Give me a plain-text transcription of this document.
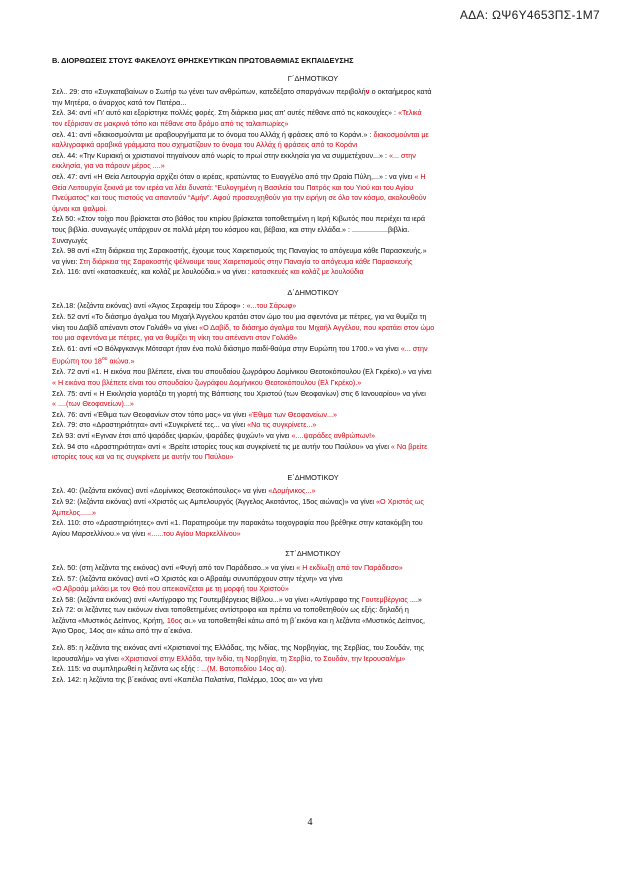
ΑΔΑ: ΩΨ6Υ4653ΠΣ-1Μ7
Β. ΔΙΟΡΘΩΣΕΙΣ ΣΤΟΥΣ ΦΑΚΕΛΟΥΣ ΘΡΗΣΚΕΥΤΙΚΩΝ ΠΡΩΤΟΒΑΘΜΙΑΣ ΕΚΠΑΙΔΕΥΣΗΣ
Γ΄ΔΗΜΟΤΙΚΟΥ
Σελ.. 29: στο «Συγκαταβαίνων ο Σωτήρ τω γένει των ανθρώπων, κατεδέξατο σπαργάνων περιβολήν ο οκταήμερος κατά
την Μητέρα, ο άναρχος κατά τον Πατέρα...
Σελ. 34: αντί «Γι’ αυτό και εξορίστηκε πολλές φορές. Στη διάρκεια μιας απ’ αυτές πέθανε από τις κακουχίες» : «Τελικά
τον εξόρισαν σε μακρινό τόπο και πέθανε στο δρόμο από τις ταλαιπωρίες»
σελ. 41: αντί «διακοσμούνται με αραβουργήματα με το όνομα του Αλλάχ ή φράσεις από το Κοράνι.» : διακοσμούνται με
καλλιγραφικά αραβικά γράμματα που σχηματίζουν το όνομα του Αλλάχ ή φράσεις από το Κοράνι
σελ. 44: «Την Κυριακή οι χριστιανοί πηγαίνουν από νωρίς το πρωί στην εκκλησία για να συμμετέχουν...» : «... στην
εκκλησία, για να πάρουν μέρος ....»
σελ. 47: αντί «Η Θεία Λειτουργία αρχίζει όταν ο ιερέας, κρατώντας το Ευαγγέλιο από την Ωραία Πύλη,...» : να γίνει « Η
Θεία Λειτουργία ξεκινά με τον ιερέα να λέει δυνατά: “Ευλογημένη η Βασιλεία του Πατρός και του Υιού και του Αγίου
Πνεύματος” και τους πιστούς να απαντούν “Αμήν”. Αφού προσευχηθούν για την ειρήνη σε όλο τον κόσμο, ακολουθούν
ύμνοι και ψαλμοί.
Σελ 50: «Στον τοίχο που βρίσκεται στο βάθος του κτιρίου βρίσκεται τοποθετημένη η Ιερή Κιβωτός που περιέχει τα ιερά
τους βιβλία. συναγωγές υπάρχουν σε πολλά μέρη του κόσμου και, βέβαια, και στην ελλάδα.» : ..................βιβλία.
Συναγωγές
Σελ. 98 αντί «Στη διάρκεια της Σαρακοστής, έχουμε τους Χαιρετισμούς της Παναγίας το απόγευμα κάθε Παρασκευής.»
να γίνει: Στη διάρκεια της Σαρακοστής ψέλνουμε τους Χαιρετισμούς στην Παναγία το απόγευμα κάθε Παρασκευής
Σελ. 116: αντί «κατασκευές, και κολάζ με λουλούδια.» να γίνει : κατασκευές και κολάζ με λουλούδια
Δ΄ΔΗΜΟΤΙΚΟΥ
Σελ.18: (λεζάντα εικόνας) αντί «Άγιος Σεραφείμ του Σάροφ» : «...του Σάρωφ»
Σελ. 52 αντί «Το διάσημο άγαλμα του Μιχαήλ Άγγελου κρατάει στον ώμο του μια σφεντόνα με πέτρες, για να θυμίζει τη
νίκη του Δαβίδ απέναντι στον Γολιάθ» να γίνει «Ο Δαβίδ, το διάσημο άγαλμα του Μιχαήλ Αγγέλου, που κρατάει στον ώμο
του μια σφεντόνα με πέτρες, για να θυμίζει τη νίκη του απέναντι στον Γολιάθ»
Σελ. 61: αντί «Ο Βόλφγκανγκ Μότσαρτ ήταν ένα πολύ διάσημο παιδί-θαύμα στην Ευρώπη του 1700.» να γίνει «... στην
Ευρώπη του $18^{o\upsilon}$ αιώνα.»
Σελ. 72 αντί «1. Η εικόνα που βλέπετε, είναι του σπουδαίου ζωγράφου Δομίνικου Θεοτοκόπουλου (Ελ Γκρέκο).» να γίνει
« Η εικόνα που βλέπετε είναι του σπουδαίου ζωγράφου Δομήνικου Θεοτοκόπουλου (Ελ Γκρέκο).»
Σελ. 75: αντί « Η Εκκλησία γιορτάζει τη γιορτή της Βάπτισης του Χριστού (των Θεοφανίων) στις 6 Ιανουαρίου» να γίνει
« ....(των Θεοφανείων)...»
Σελ. 76: αντί «Έθιμα των Θεοφανίων στον τόπο μας» να γίνει «Έθιμα των Θεοφανείων...»
Σελ. 79: στο «Δραστηριότητα» αντί «Συγκρίνετέ τες... να γίνει «Να τις συγκρίνετε...»
Σελ 93: αντί «Εγιναν έτσι από ψαράδες ψαριών, ψαράδες ψυχών!» να γίνει «....ψαράδες ανθρώπων!»
Σελ. 94 στο «Δραστηριότητα» αντί « :Βρείτε ιστορίες τους και συγκρίνετέ τις με αυτήν του Παύλου» να γίνει « Να βρείτε
ιστορίες τους και να τις συγκρίνετε με αυτήν του Παύλου»
Ε΄ΔΗΜΟΤΙΚΟΥ
Σελ. 40: (λεζάντα εικόνας) αντί «Δομίνικος Θεοτοκόπουλος» να γίνει «Δομήνικος...»
Σελ 92: (λεζάντα εικόνας) αντί «Χριστός ως Αμπελουργός (Άγγελος Ακοτάντος, 15ος αιώνας)» να γίνει «Ο Χριστός ως
Άμπελος......»
Σελ. 110: στο «Δραστηριότητες» αντί «1. Παρατηρούμε την παρακάτω τοιχογραφία που βρέθηκε στην κατακόμβη του
Αγίου Μαρσελλίνου.» να γίνει «......του Αγίου Μαρκελλίνου»
ΣΤ΄ΔΗΜΟΤΙΚΟΥ
Σελ. 50: (στη λεζάντα της εικόνας) αντί «Φυγή από τον Παράδεισο..» να γίνει « Η εκδίωξη από τον Παράδεισο»
Σελ. 57: (λεζάντα εικόνας) αντί «Ο Χριστός και ο Αβραάμ συνυπάρχουν στην τέχνη» να γίνει
«Ο Αβραάμ μιλάει με τον Θεό που απεικονίζεται με τη μορφή του Χριστού»
Σελ 58: (λεζάντα εικόνας) αντί «Αντίγραφο της Γουτεμβέργειας Βίβλου...» να γίνει «Αντίγραφο της Γουτεμβέργιας ....»
Σελ 72: οι λεζάντες των εικόνων είναι τοποθετημένες αντίστροφα και πρέπει να τοποθετηθούν ως εξής: δηλαδή η
λεζάντα «Μυστικός Δείπνος, Κρήτη, 16ος αι.» να τοποθετηθεί κάτω από τη β΄εικόνα και η λεζάντα «Μυστικός Δείπνος,
Άγιο Όρος, 14ος αι» κάτω από την α΄εικόνα.
Σελ. 85: η λεζάντα της εικόνας αντί «Χριστιανοί της Ελλάδας, της Ινδίας, της Νορβηγίας, της Σερβίας, του Σουδάν, της
Ιερουσαλήμ» να γίνει «Χριστιανοί στην Ελλάδα, την Ινδία, τη Νορβηγία, τη Σερβία, το Σουδάν, την Ιερουσαλήμ»
Σελ. 115: να συμπληρωθεί η λεζάντα ως εξής : ...(Μ. Βατοπεδίου 14ος αι).
Σελ. 142: η λεζάντα της β΄εικόνας αντί «Καπέλα Παλατίνα, Παλέρμο, 10ος αι» να γίνει
4
